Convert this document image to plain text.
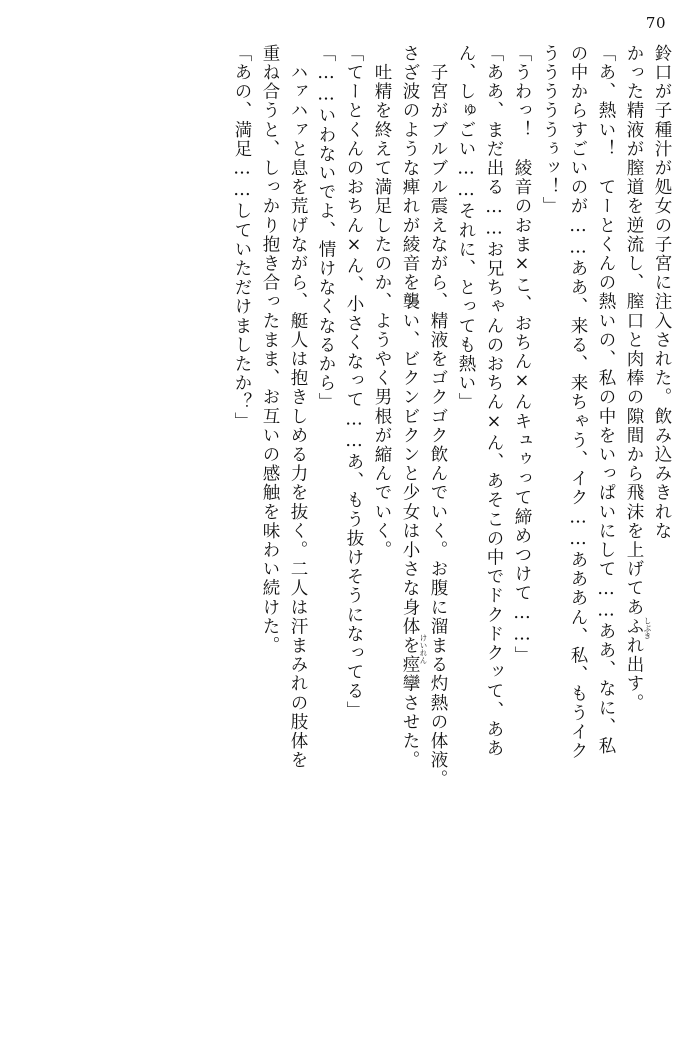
70
鈴口が子種汁が処女の子宮に注入された。飲み込みきれな
かった精液が膣道を逆流し、膣口と肉棒の隙間から飛沫を上げてあふれ出す。
「あ、熱い！　てーとくんの熱いの、私の中をいっぱいにして……ああ、なに、私
の中からすごいのが……ああ、来る、来ちゃう、イク……あああん、私、もうイク
うううううぅッ！」
「うわっ！　綾音のおま×こ、おちん×んキュゥって締めつけて……」
「ああ、まだ出る……お兄ちゃんのおちん×ん、あそこの中でドクドクッて、ああ
ん、しゅごい……それに、とっても熱い」
　子宮がブルブル震えながら、精液をゴクゴク飲んでいく。お腹に溜まる灼熱の体液。
さざ波のような痺れが綾音を襲い、ビクンビクンと少女は小さな身体を痙攣させた。
　吐精を終えて満足したのか、ようやく男根が縮んでいく。
「てーとくんのおちん×ん、小さくなって……あ、もう抜けそうになってる」
「……いわないでよ、情けなくなるから」
　ハァハァと息を荒げながら、艇人は抱きしめる力を抜く。二人は汗まみれの肢体を
重ね合うと、しっかり抱き合ったまま、お互いの感触を味わい続けた。
「あの、満足……していただけましたか？」
しぶき
けいれん
